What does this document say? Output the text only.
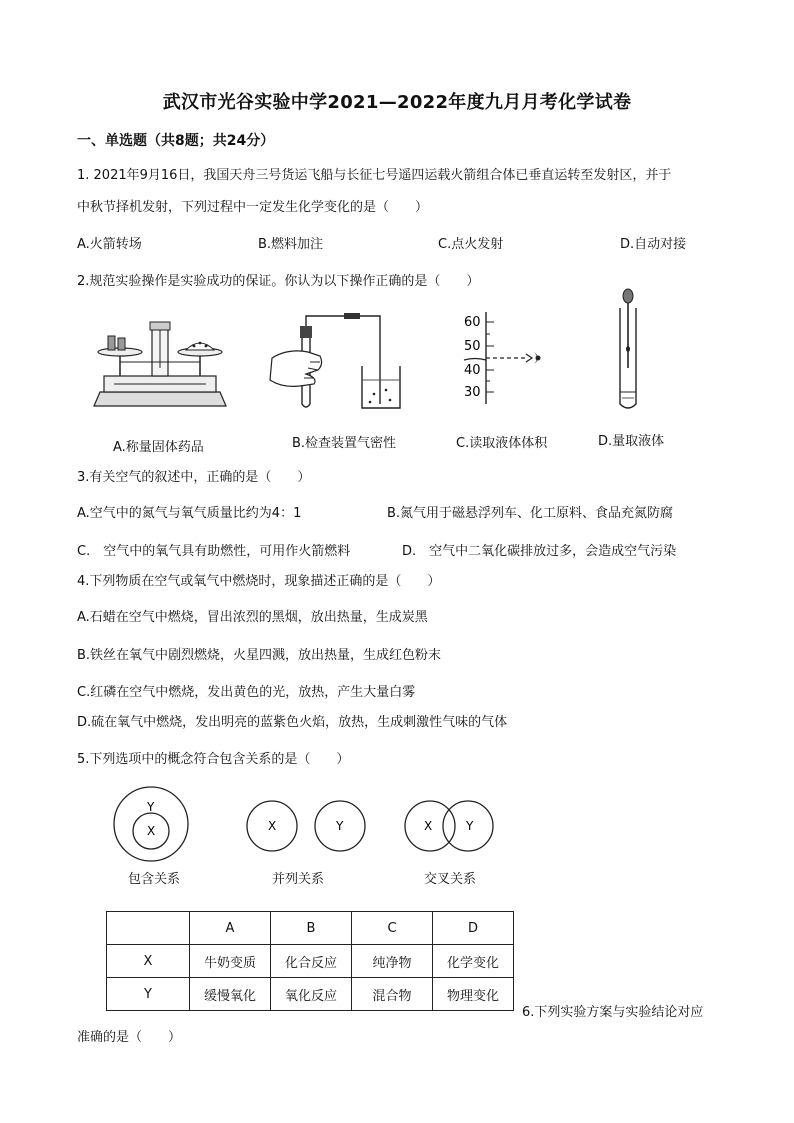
武汉市光谷实验中学2021—2022年度九月月考化学试卷
一、单选题（共8题；共24分）
1. 2021年9月16日，我国天舟三号货运飞船与长征七号遥四运载火箭组合体已垂直运转至发射区，并于
中秋节择机发射，下列过程中一定发生化学变化的是（　　）
A.火箭转场	B.燃料加注	C.点火发射	D.自动对接
2.规范实验操作是实验成功的保证。你认为以下操作正确的是（　　）
A.称量固体药品	B.检查装置气密性
60
50
40
30
C.读取液体体积	D.量取液体
3.有关空气的叙述中，正确的是（　　）
A.空气中的氮气与氧气质量比约为4：1	B.氮气用于磁悬浮列车、化工原料、食品充氮防腐
C.　空气中的氧气具有助燃性，可用作火箭燃料	D.　空气中二氧化碳排放过多，会造成空气污染
4.下列物质在空气或氧气中燃烧时，现象描述正确的是（　　）
A.石蜡在空气中燃烧，冒出浓烈的黑烟，放出热量，生成炭黑
B.铁丝在氧气中剧烈燃烧，火星四溅，放出热量，生成红色粉末
C.红磷在空气中燃烧，发出黄色的光，放热，产生大量白雾
D.硫在氧气中燃烧，发出明亮的蓝紫色火焰，放热，生成刺激性气味的气体
5.下列选项中的概念符合包含关系的是（　　）
Y
X
包含关系
X	Y
并列关系
X	Y
交叉关系
	A	B	C	D
X	牛奶变质	化合反应	纯净物	化学变化
Y	缓慢氧化	氧化反应	混合物	物理变化
6.下列实验方案与实验结论对应
准确的是（　　）
